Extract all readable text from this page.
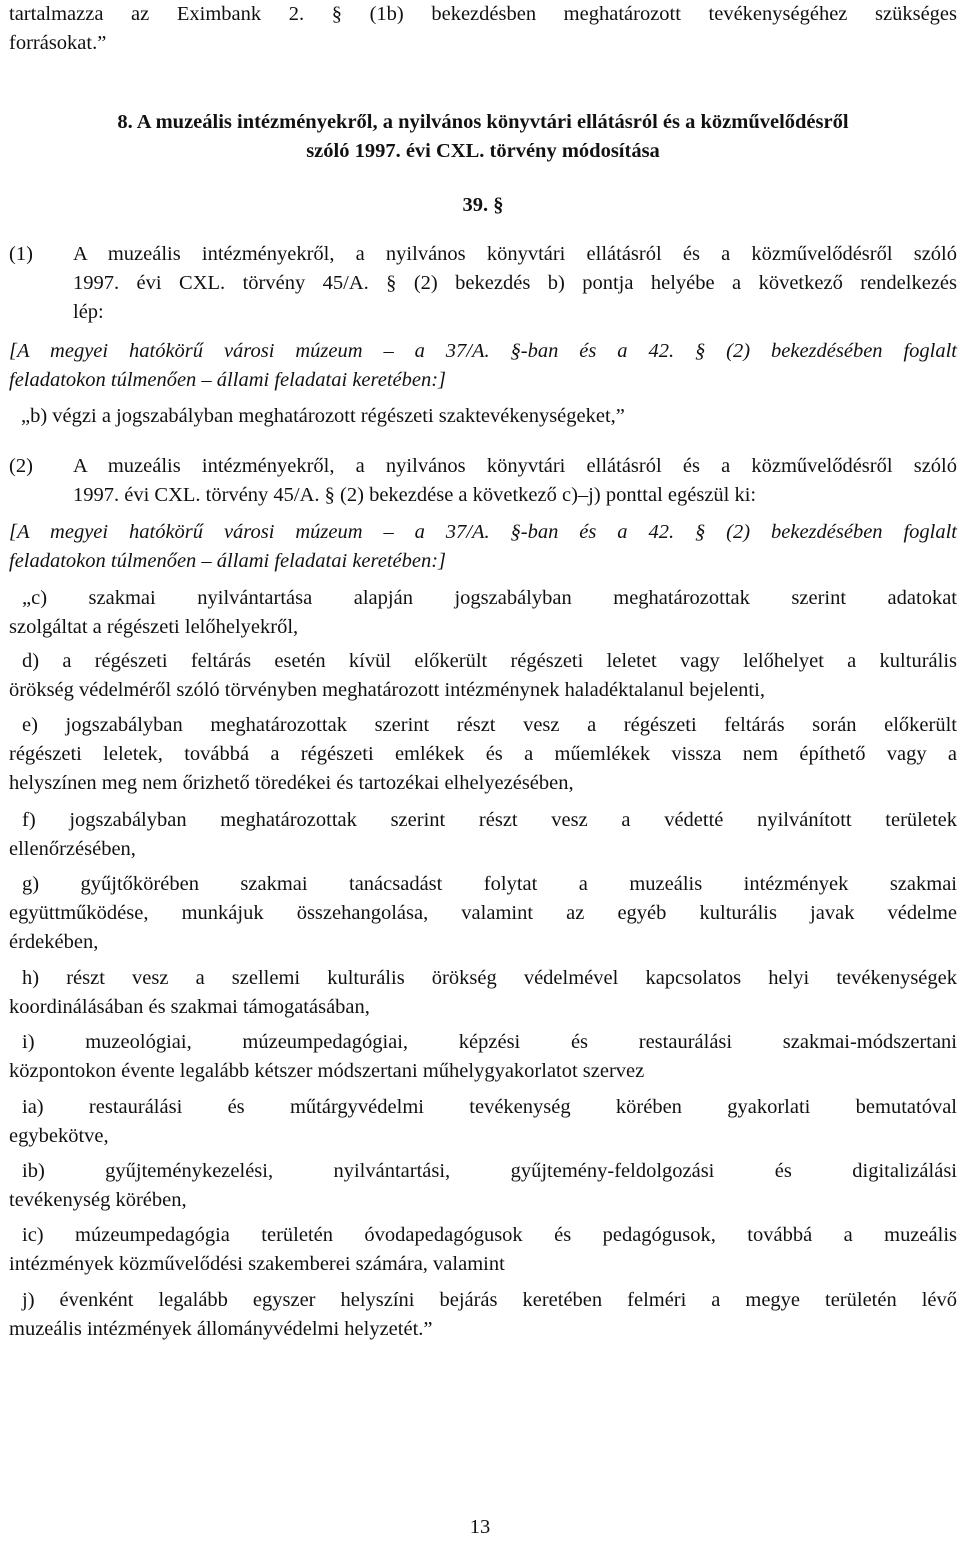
tartalmazza az Eximbank 2. § (1b) bekezdésben meghatározott tevékenységéhez szükséges

forrásokat.”

8. A muzeális intézményekről, a nyilvános könyvtári ellátásról és a közművelődésről

szóló 1997. évi CXL. törvény módosítása

39. §

(1)	A muzeális intézményekről, a nyilvános könyvtári ellátásról és a közművelődésről szóló

1997. évi CXL. törvény 45/A. § (2) bekezdés b) pontja helyébe a következő rendelkezés

lép:

[A megyei hatókörű városi múzeum – a 37/A. §-ban és a 42. § (2) bekezdésében foglalt

feladatokon túlmenően – állami feladatai keretében:]

„b) végzi a jogszabályban meghatározott régészeti szaktevékenységeket,”

(2)	A muzeális intézményekről, a nyilvános könyvtári ellátásról és a közművelődésről szóló

1997. évi CXL. törvény 45/A. § (2) bekezdése a következő c)–j) ponttal egészül ki:

[A megyei hatókörű városi múzeum – a 37/A. §-ban és a 42. § (2) bekezdésében foglalt

feladatokon túlmenően – állami feladatai keretében:]

„c) szakmai nyilvántartása alapján jogszabályban meghatározottak szerint adatokat

szolgáltat a régészeti lelőhelyekről,

d) a régészeti feltárás esetén kívül előkerült régészeti leletet vagy lelőhelyet a kulturális

örökség védelméről szóló törvényben meghatározott intézménynek haladéktalanul bejelenti,

e) jogszabályban meghatározottak szerint részt vesz a régészeti feltárás során előkerült

régészeti leletek, továbbá a régészeti emlékek és a műemlékek vissza nem építhető vagy a

helyszínen meg nem őrizhető töredékei és tartozékai elhelyezésében,

f) jogszabályban meghatározottak szerint részt vesz a védetté nyilvánított területek

ellenőrzésében,

g) gyűjtőkörében szakmai tanácsadást folytat a muzeális intézmények szakmai

együttműködése, munkájuk összehangolása, valamint az egyéb kulturális javak védelme

érdekében,

h) részt vesz a szellemi kulturális örökség védelmével kapcsolatos helyi tevékenységek

koordinálásában és szakmai támogatásában,

i) muzeológiai, múzeumpedagógiai, képzési és restaurálási szakmai-módszertani

központokon évente legalább kétszer módszertani műhelygyakorlatot szervez

ia) restaurálási és műtárgyvédelmi tevékenység körében gyakorlati bemutatóval

egybekötve,

ib) gyűjteménykezelési, nyilvántartási, gyűjtemény-feldolgozási és digitalizálási

tevékenység körében,

ic) múzeumpedagógia területén óvodapedagógusok és pedagógusok, továbbá a muzeális

intézmények közművelődési szakemberei számára, valamint

j) évenként legalább egyszer helyszíni bejárás keretében felméri a megye területén lévő

muzeális intézmények állományvédelmi helyzetét.”

13
